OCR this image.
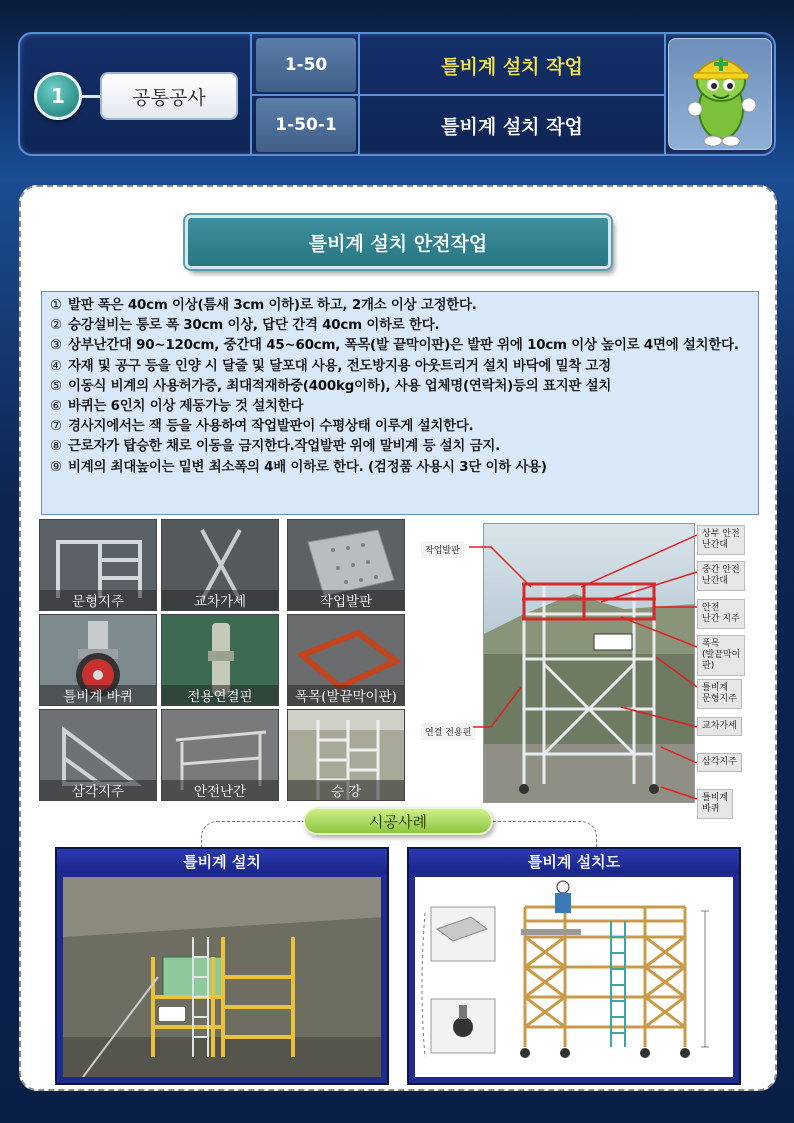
1	공통공사
1-50	틀비계 설치 작업
1-50-1	틀비계 설치 작업
틀비계 설치 안전작업
① 발판 폭은 40cm 이상(틈새 3cm 이하)로 하고, 2개소 이상 고정한다.
② 승강설비는 통로 폭 30cm 이상, 답단 간격 40cm 이하로 한다.
③ 상부난간대 90~120cm, 중간대 45~60cm, 폭목(발 끝막이판)은 발판 위에 10cm 이상 높이로 4면에 설치한다.
④ 자재 및 공구 등을 인양 시 달줄 및 달포대 사용, 전도방지용 아웃트리거 설치 바닥에 밀착 고정
⑤ 이동식 비계의 사용허가증, 최대적재하중(400kg이하), 사용 업체명(연락처)등의 표지판 설치
⑥ 바퀴는 6인치 이상 제동가능 것 설치한다
⑦ 경사지에서는 잭 등을 사용하여 작업발판이 수평상태 이루게 설치한다.
⑧ 근로자가 탑승한 채로 이동을 금지한다.작업발판 위에 말비계 등 설치 금지.
⑨ 비계의 최대높이는 밑변 최소폭의 4배 이하로 한다. (검정품 사용시 3단 이하 사용)
문형지주	교차가세	작업발판
틀비계 바퀴	전용연결핀	폭목(발끝막이판)
삼각지주	안전난간	승 강
작업발판
연결 전용핀
상부 안전
난간대
중간 안전
난간대
안전
난간 지주
폭목
(발끝막이
판)
틀비계
문형지주
교차가세
삼각지주
틀비계
바퀴
시공사례
틀비계 설치	틀비계 설치도
